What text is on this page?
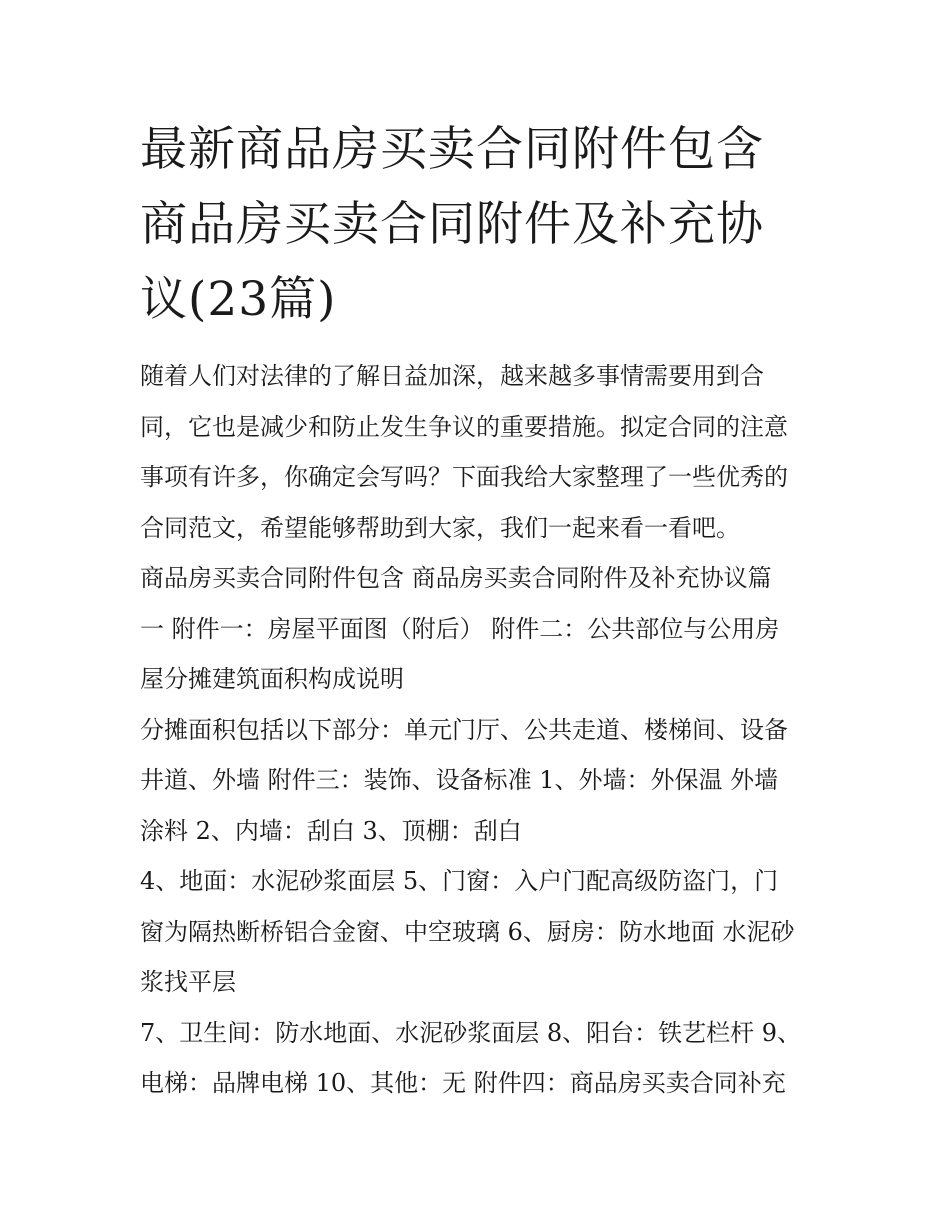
最新商品房买卖合同附件包含
商品房买卖合同附件及补充协
议(23篇)

随着人们对法律的了解日益加深，越来越多事情需要用到合
同，它也是减少和防止发生争议的重要措施。拟定合同的注意
事项有许多，你确定会写吗？下面我给大家整理了一些优秀的
合同范文，希望能够帮助到大家，我们一起来看一看吧。

商品房买卖合同附件包含 商品房买卖合同附件及补充协议篇
一 附件一：房屋平面图（附后） 附件二：公共部位与公用房
屋分摊建筑面积构成说明

分摊面积包括以下部分：单元门厅、公共走道、楼梯间、设备
井道、外墙 附件三：装饰、设备标准 1、外墙：外保温 外墙
涂料 2、内墙：刮白 3、顶棚：刮白

4、地面：水泥砂浆面层 5、门窗：入户门配高级防盗门，门
窗为隔热断桥铝合金窗、中空玻璃 6、厨房：防水地面 水泥砂
浆找平层

7、卫生间：防水地面、水泥砂浆面层 8、阳台：铁艺栏杆 9、
电梯：品牌电梯 10、其他：无 附件四：商品房买卖合同补充
